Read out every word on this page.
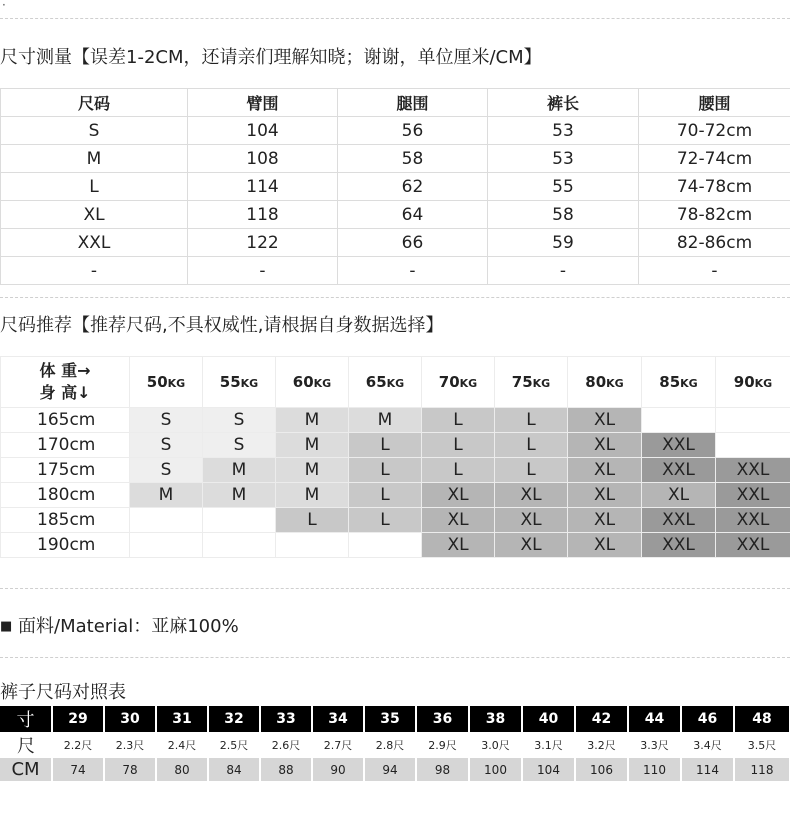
·
尺寸测量【误差1-2CM，还请亲们理解知晓；谢谢，单位厘米/CM】
尺码	臂围	腿围	裤长	腰围
S	104	56	53	70-72cm
M	108	58	53	72-74cm
L	114	62	55	74-78cm
XL	118	64	58	78-82cm
XXL	122	66	59	82-86cm
-	-	-	-	-
尺码推荐【推荐尺码,不具权威性,请根据自身数据选择】
体 重→
身 高↓	50KG	55KG	60KG	65KG	70KG	75KG	80KG	85KG	90KG
165cm	S	S	M	M	L	L	XL		
170cm	S	S	M	L	L	L	XL	XXL	
175cm	S	M	M	L	L	L	XL	XXL	XXL
180cm	M	M	M	L	XL	XL	XL	XL	XXL
185cm			L	L	XL	XL	XL	XXL	XXL
190cm					XL	XL	XL	XXL	XXL
■ 面料/Material：亚麻100%
裤子尺码对照表
寸	29	30	31	32	33	34	35	36	38	40	42	44	46	48
尺	2.2尺	2.3尺	2.4尺	2.5尺	2.6尺	2.7尺	2.8尺	2.9尺	3.0尺	3.1尺	3.2尺	3.3尺	3.4尺	3.5尺
CM	74	78	80	84	88	90	94	98	100	104	106	110	114	118
